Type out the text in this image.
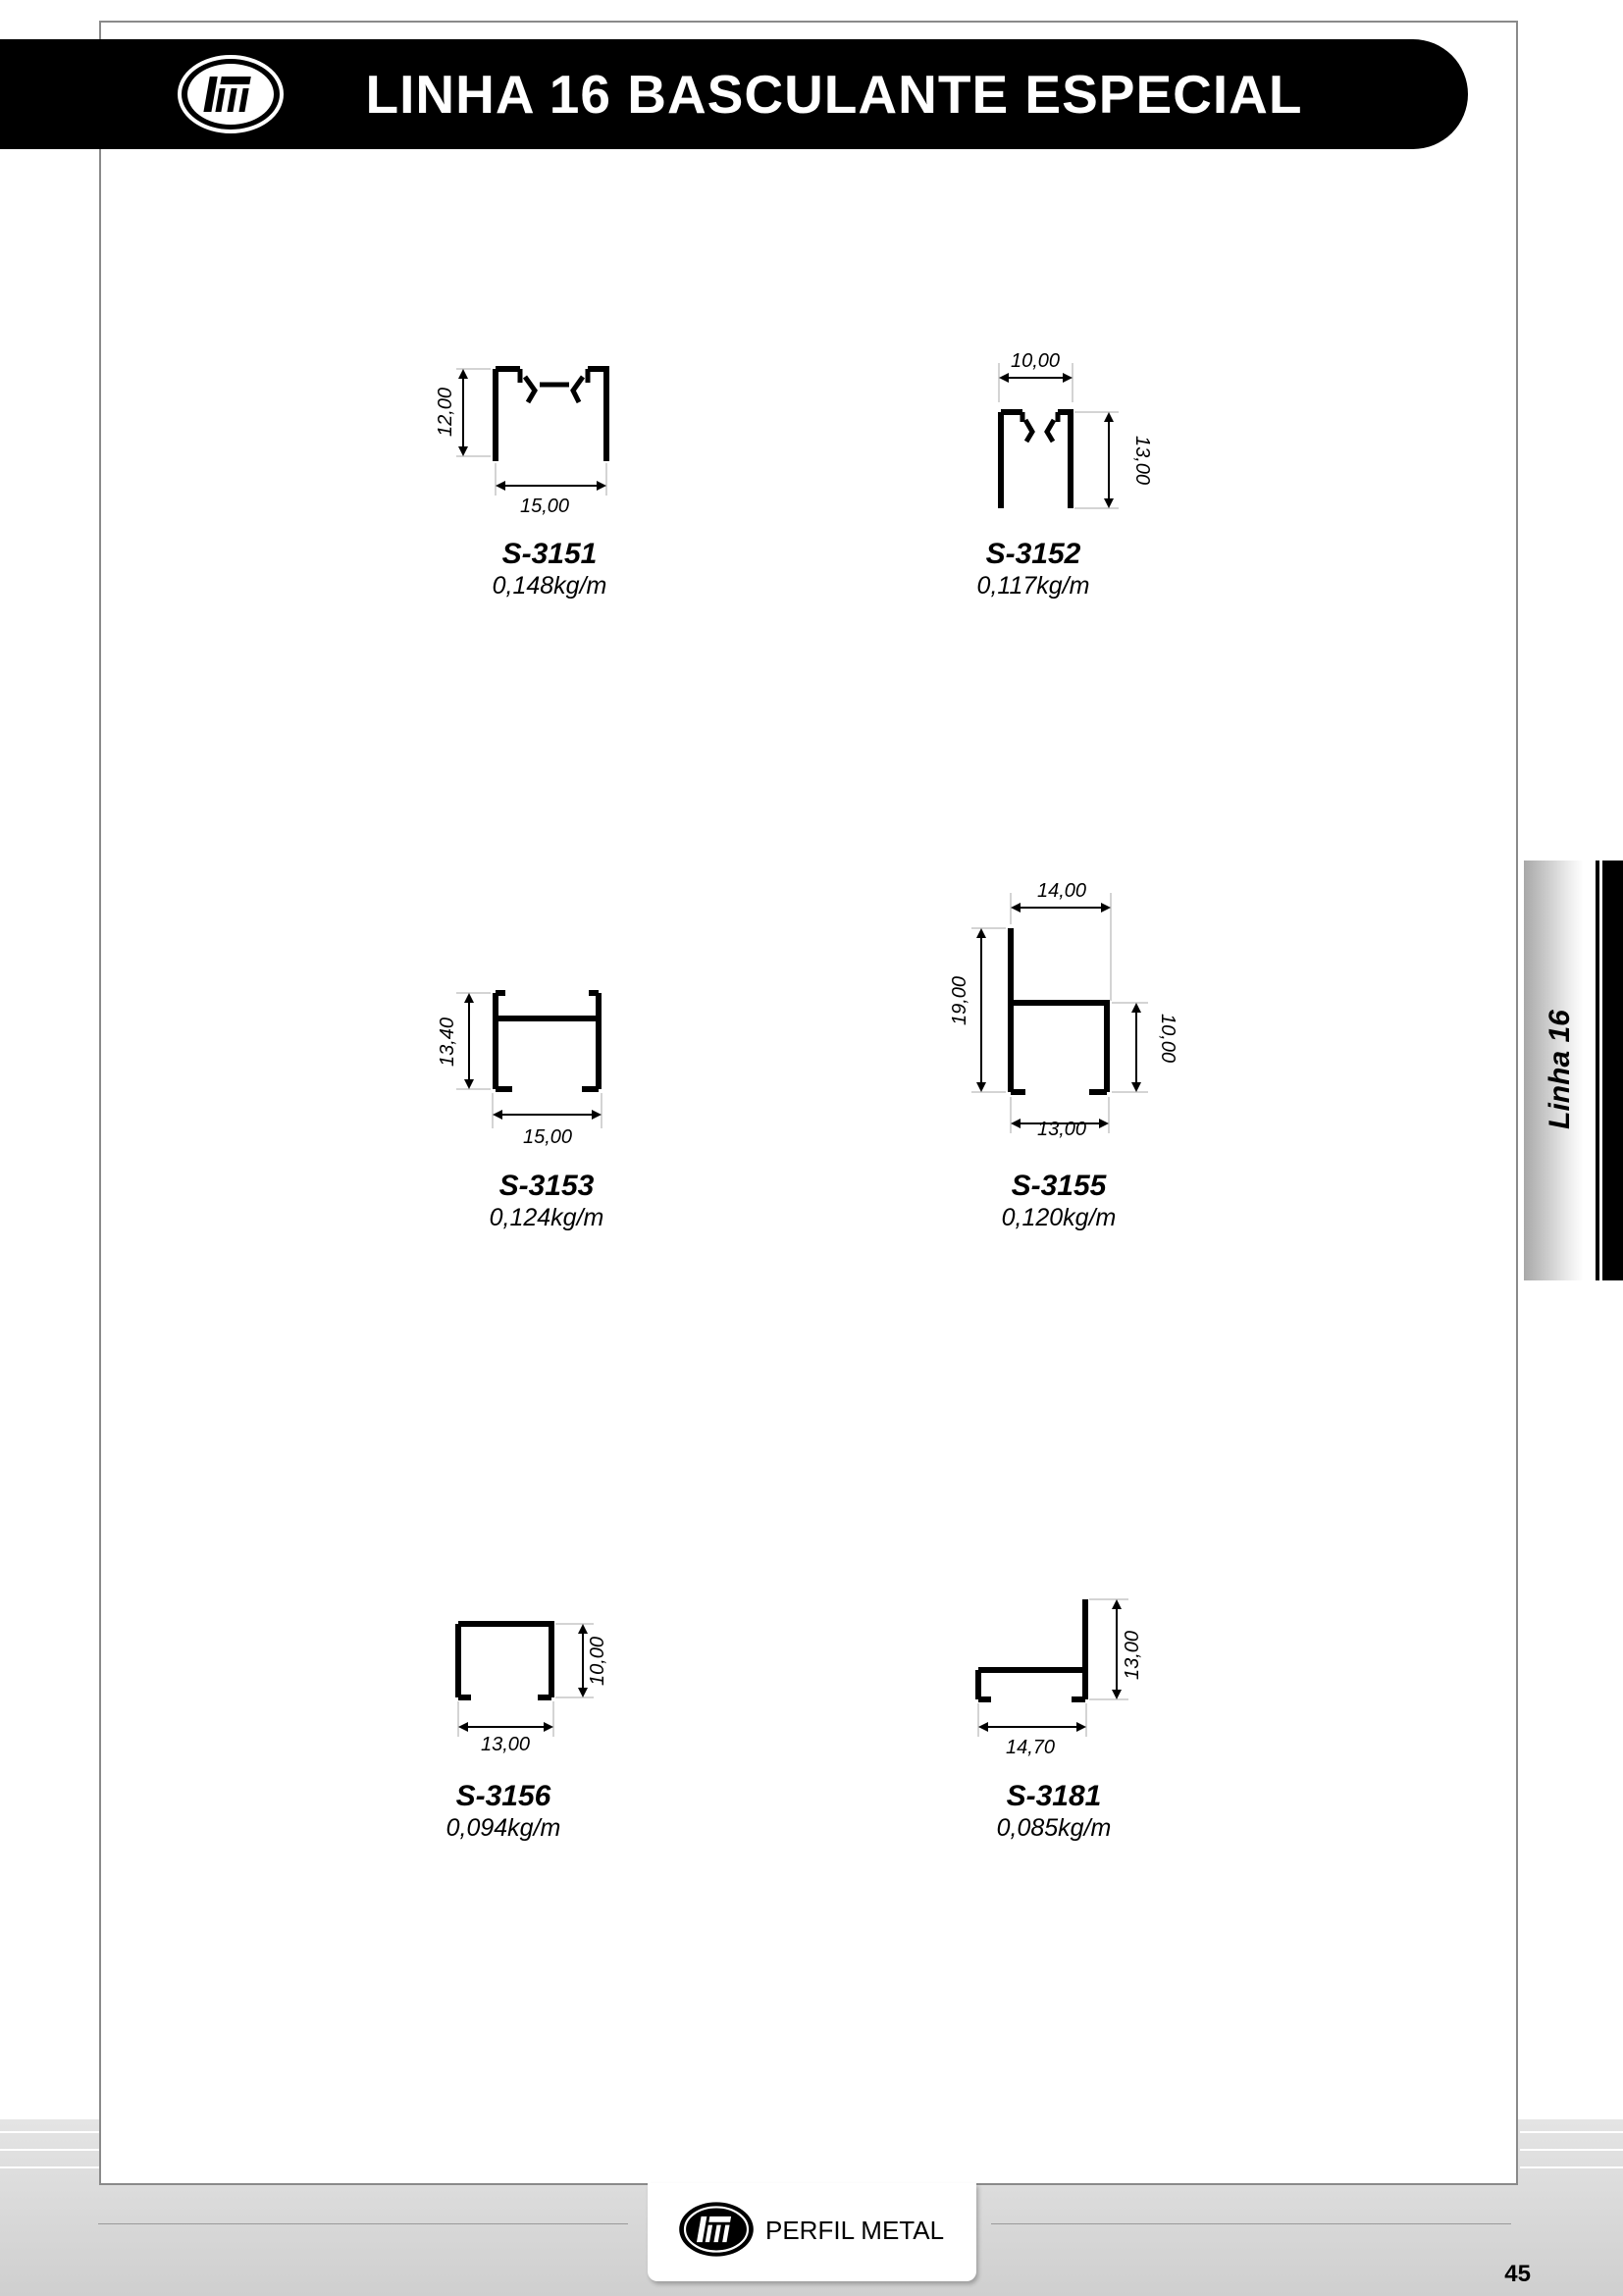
LINHA 16 BASCULANTE ESPECIAL
Linha 16
12,00
15,00
S-3151
0,148kg/m
10,00
13,00
S-3152
0,117kg/m
13,40
15,00
S-3153
0,124kg/m
14,00
19,00
10,00
13,00
S-3155
0,120kg/m
10,00
13,00
S-3156
0,094kg/m
13,00
14,70
S-3181
0,085kg/m
PERFIL METAL
45
